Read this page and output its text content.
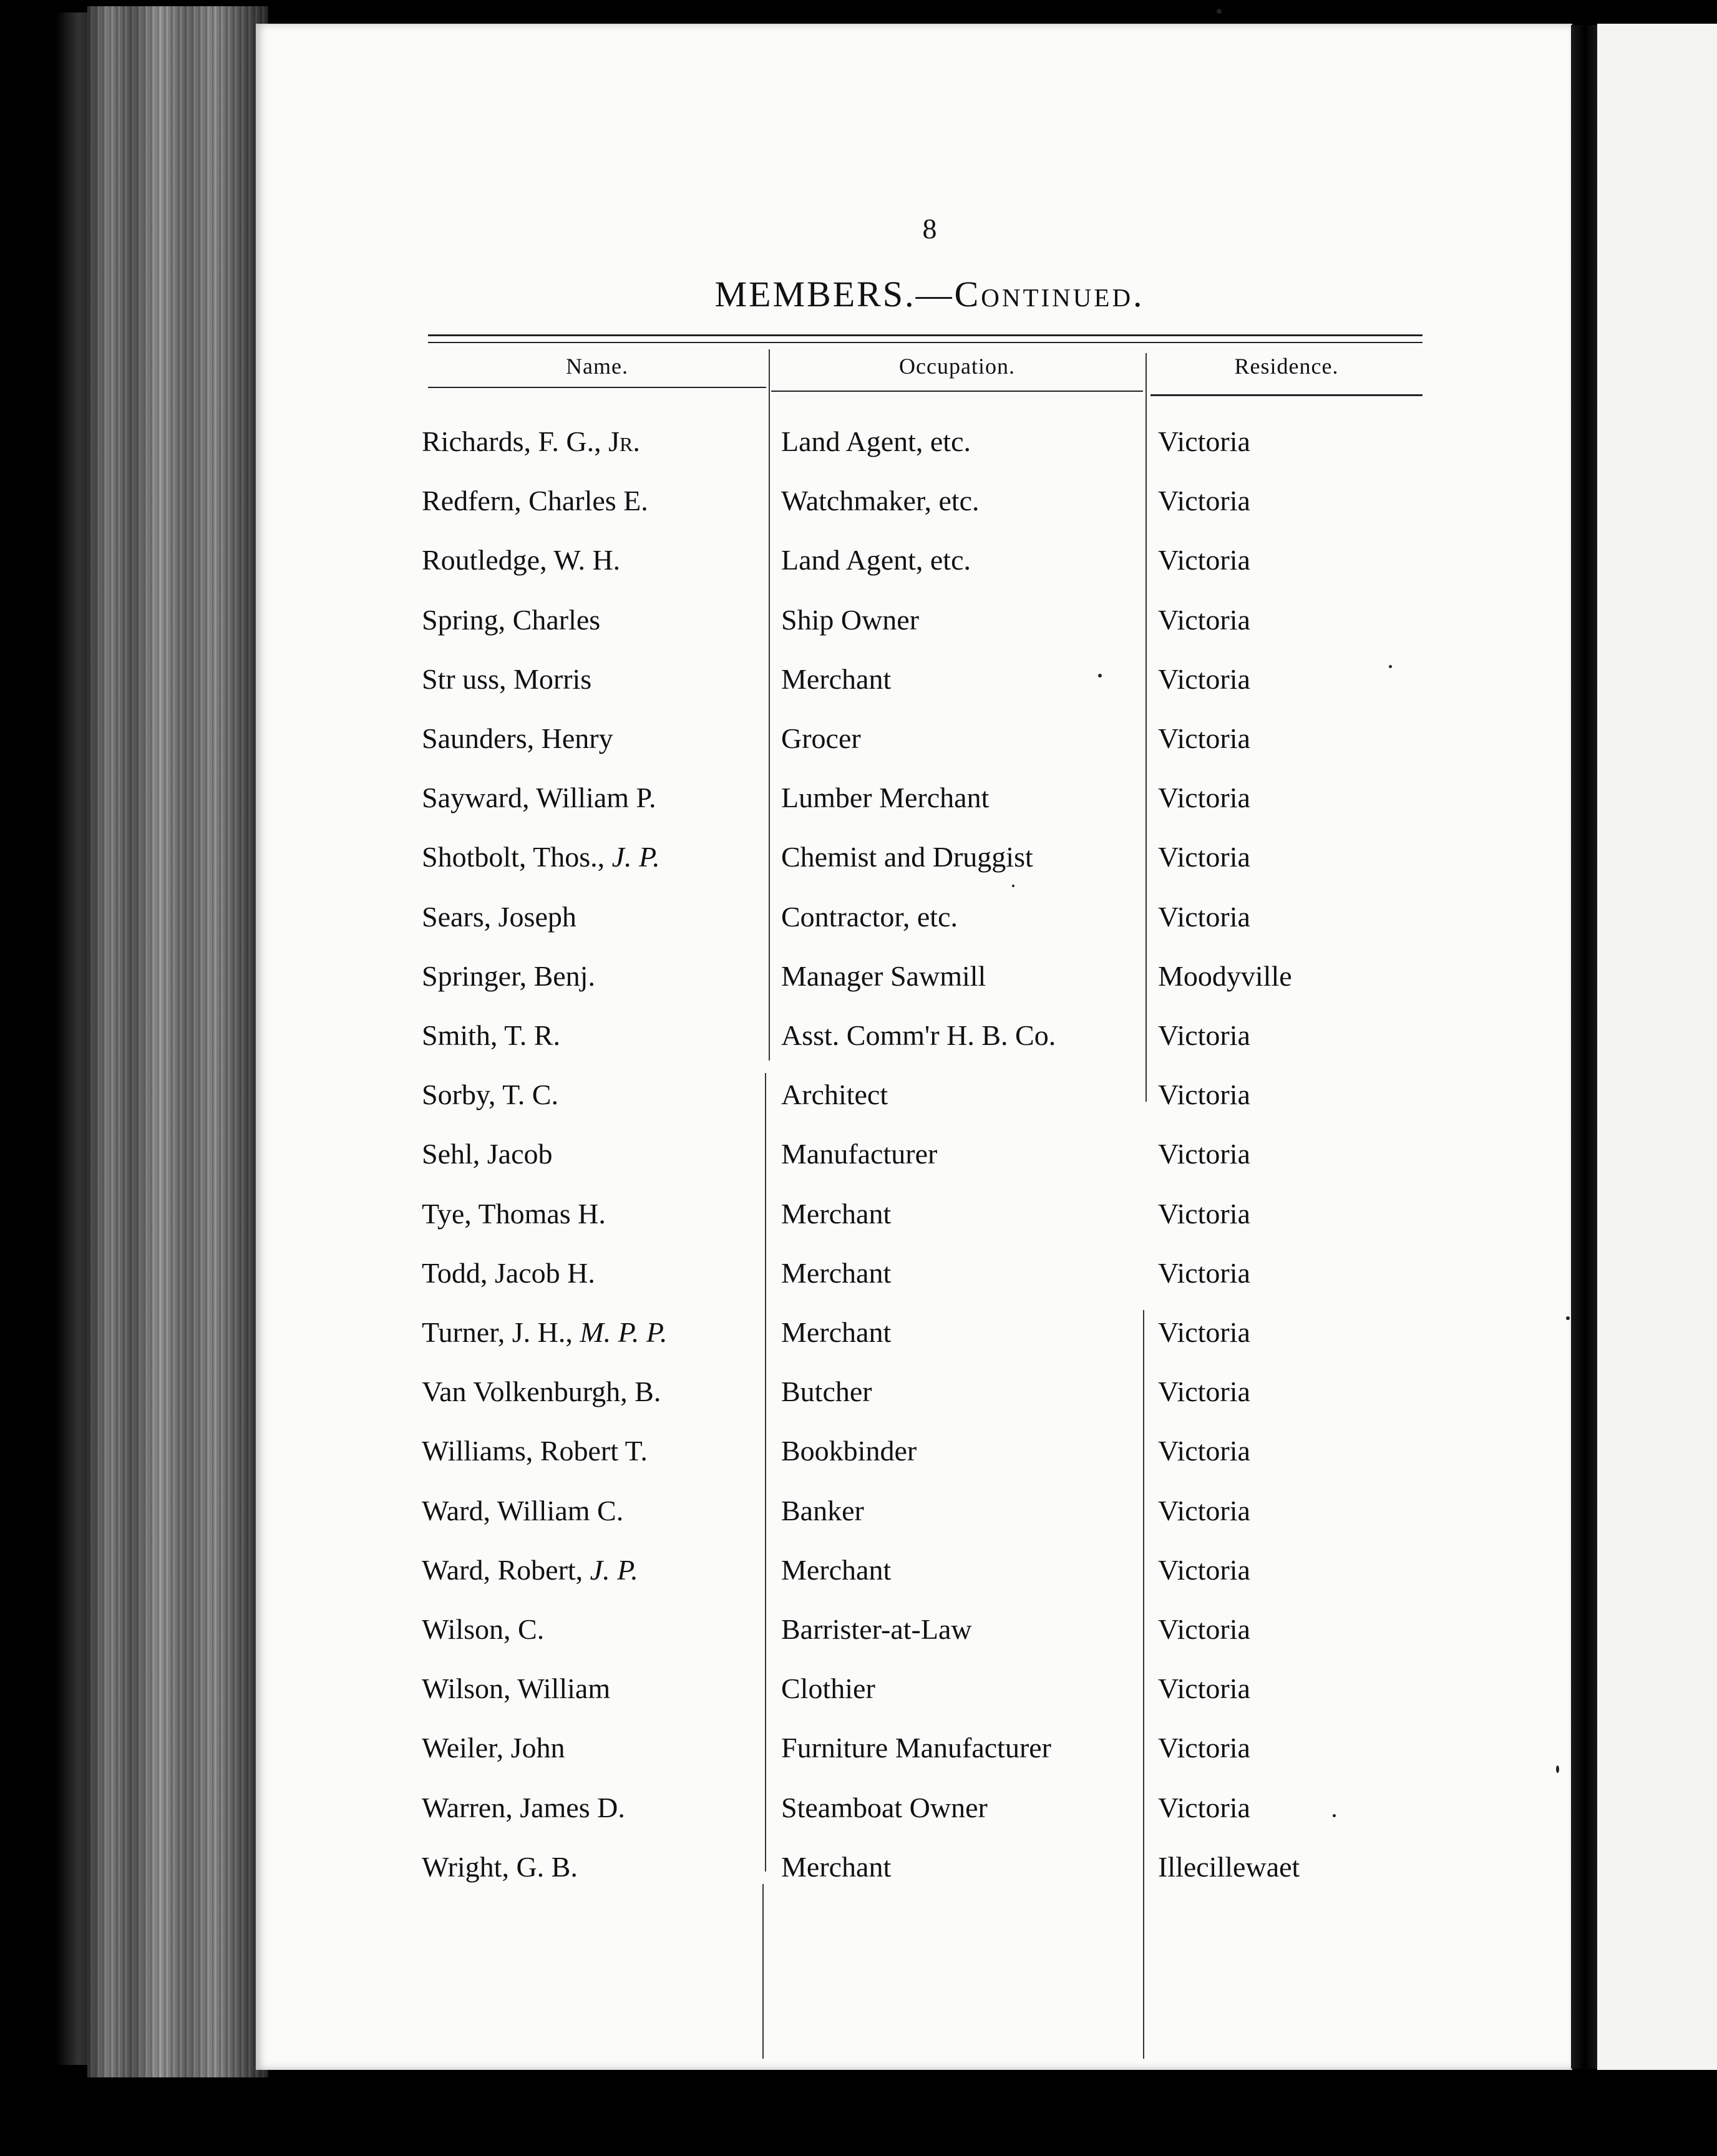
8
MEMBERS.—Continued.
Name.	Occupation.	Residence.
Richards, F. G., Jr.	Land Agent, etc.	Victoria
Redfern, Charles E.	Watchmaker, etc.	Victoria
Routledge, W. H.	Land Agent, etc.	Victoria
Spring, Charles	Ship Owner	Victoria
Str uss, Morris	Merchant	Victoria
Saunders, Henry	Grocer	Victoria
Sayward, William P.	Lumber Merchant	Victoria
Shotbolt, Thos., J. P.	Chemist and Druggist	Victoria
Sears, Joseph	Contractor, etc.	Victoria
Springer, Benj.	Manager Sawmill	Moodyville
Smith, T. R.	Asst. Comm'r H. B. Co.	Victoria
Sorby, T. C.	Architect	Victoria
Sehl, Jacob	Manufacturer	Victoria
Tye, Thomas H.	Merchant	Victoria
Todd, Jacob H.	Merchant	Victoria
Turner, J. H., M. P. P.	Merchant	Victoria
Van Volkenburgh, B.	Butcher	Victoria
Williams, Robert T.	Bookbinder	Victoria
Ward, William C.	Banker	Victoria
Ward, Robert, J. P.	Merchant	Victoria
Wilson, C.	Barrister-at-Law	Victoria
Wilson, William	Clothier	Victoria
Weiler, John	Furniture Manufacturer	Victoria
Warren, James D.	Steamboat Owner	Victoria
Wright, G. B.	Merchant	Illecillewaet
